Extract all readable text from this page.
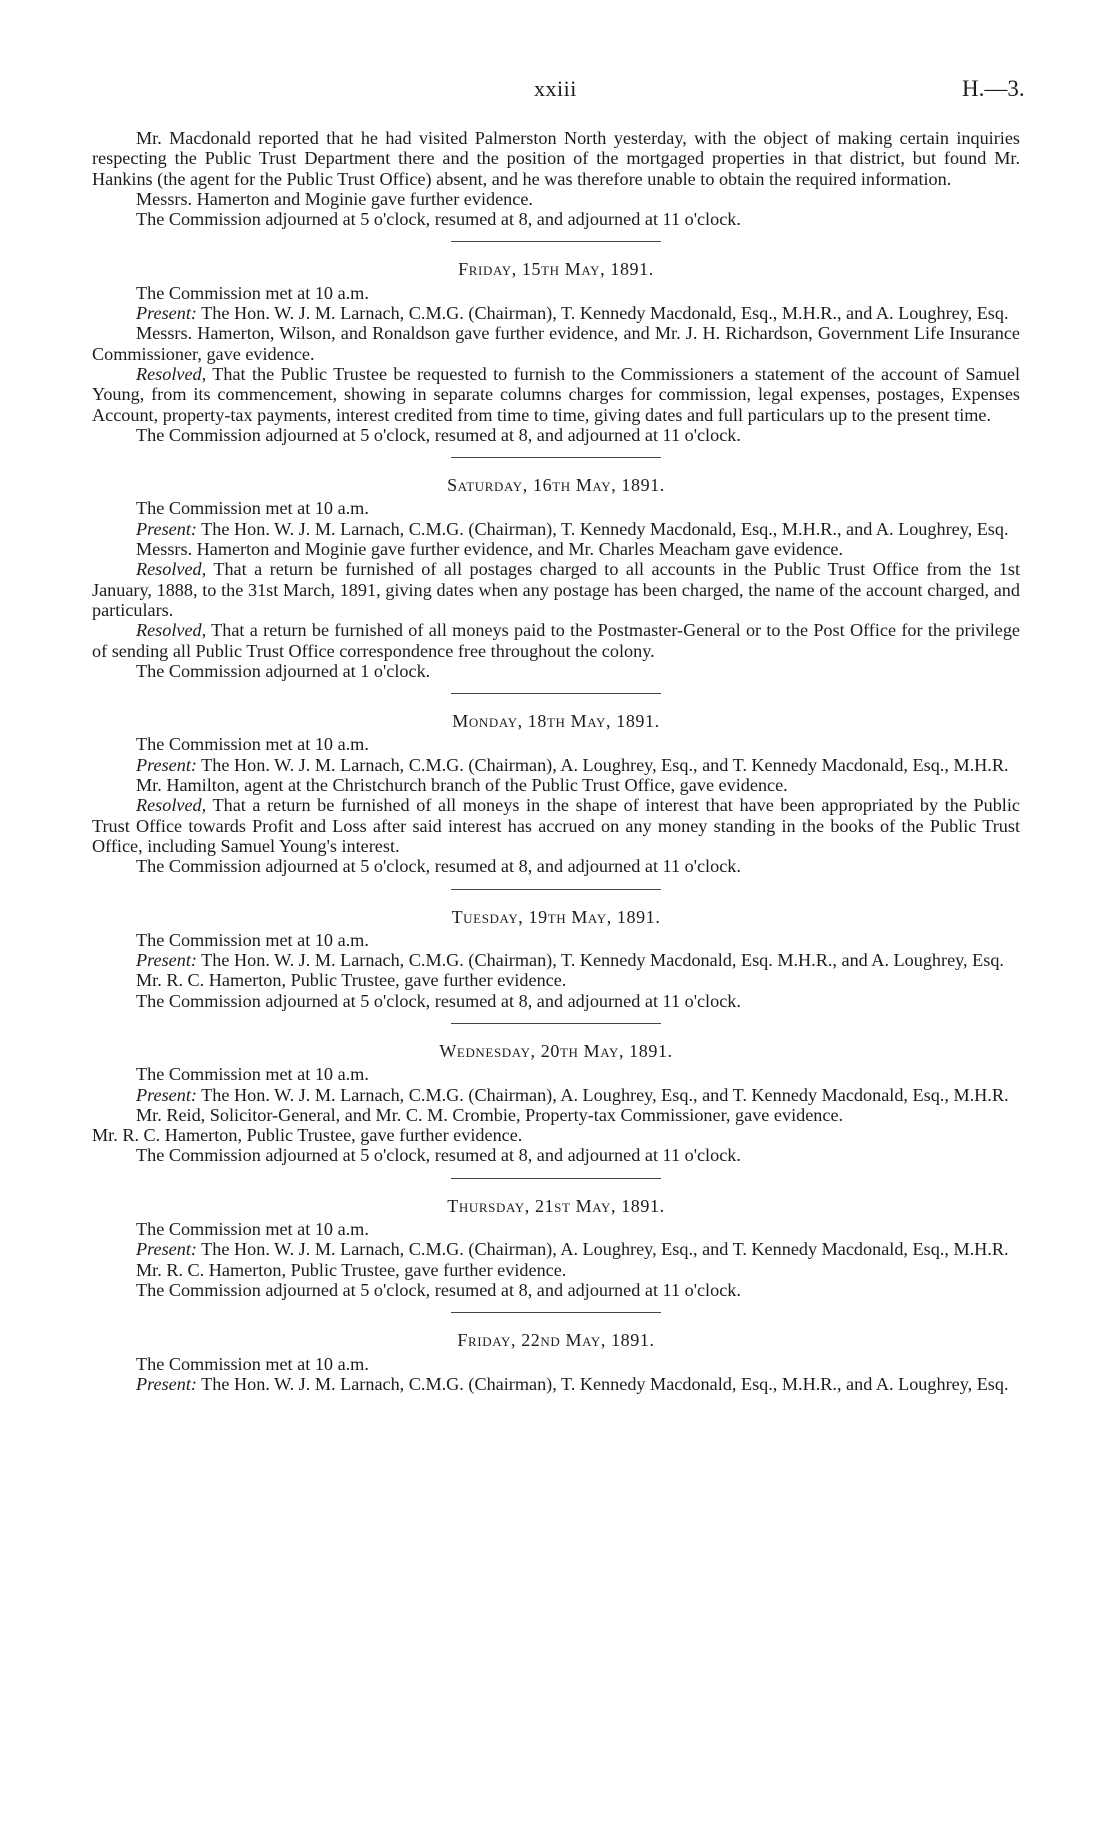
xxiii	H.—3.

Mr. Macdonald reported that he had visited Palmerston North yesterday, with the object of making certain inquiries respecting the Public Trust Department there and the position of the mortgaged properties in that district, but found Mr. Hankins (the agent for the Public Trust Office) absent, and he was therefore unable to obtain the required information.

Messrs. Hamerton and Moginie gave further evidence.

The Commission adjourned at 5 o'clock, resumed at 8, and adjourned at 11 o'clock.

Friday, 15th May, 1891.

The Commission met at 10 a.m.

Present: The Hon. W. J. M. Larnach, C.M.G. (Chairman), T. Kennedy Macdonald, Esq., M.H.R., and A. Loughrey, Esq.

Messrs. Hamerton, Wilson, and Ronaldson gave further evidence, and Mr. J. H. Richardson, Government Life Insurance Commissioner, gave evidence.

Resolved, That the Public Trustee be requested to furnish to the Commissioners a statement of the account of Samuel Young, from its commencement, showing in separate columns charges for commission, legal expenses, postages, Expenses Account, property-tax payments, interest credited from time to time, giving dates and full particulars up to the present time.

The Commission adjourned at 5 o'clock, resumed at 8, and adjourned at 11 o'clock.

Saturday, 16th May, 1891.

The Commission met at 10 a.m.

Present: The Hon. W. J. M. Larnach, C.M.G. (Chairman), T. Kennedy Macdonald, Esq., M.H.R., and A. Loughrey, Esq.

Messrs. Hamerton and Moginie gave further evidence, and Mr. Charles Meacham gave evidence.

Resolved, That a return be furnished of all postages charged to all accounts in the Public Trust Office from the 1st January, 1888, to the 31st March, 1891, giving dates when any postage has been charged, the name of the account charged, and particulars.

Resolved, That a return be furnished of all moneys paid to the Postmaster-General or to the Post Office for the privilege of sending all Public Trust Office correspondence free throughout the colony.

The Commission adjourned at 1 o'clock.

Monday, 18th May, 1891.

The Commission met at 10 a.m.

Present: The Hon. W. J. M. Larnach, C.M.G. (Chairman), A. Loughrey, Esq., and T. Kennedy Macdonald, Esq., M.H.R.

Mr. Hamilton, agent at the Christchurch branch of the Public Trust Office, gave evidence.

Resolved, That a return be furnished of all moneys in the shape of interest that have been appropriated by the Public Trust Office towards Profit and Loss after said interest has accrued on any money standing in the books of the Public Trust Office, including Samuel Young's interest.

The Commission adjourned at 5 o'clock, resumed at 8, and adjourned at 11 o'clock.

Tuesday, 19th May, 1891.

The Commission met at 10 a.m.

Present: The Hon. W. J. M. Larnach, C.M.G. (Chairman), T. Kennedy Macdonald, Esq. M.H.R., and A. Loughrey, Esq.

Mr. R. C. Hamerton, Public Trustee, gave further evidence.

The Commission adjourned at 5 o'clock, resumed at 8, and adjourned at 11 o'clock.

Wednesday, 20th May, 1891.

The Commission met at 10 a.m.

Present: The Hon. W. J. M. Larnach, C.M.G. (Chairman), A. Loughrey, Esq., and T. Kennedy Macdonald, Esq., M.H.R.

Mr. Reid, Solicitor-General, and Mr. C. M. Crombie, Property-tax Commissioner, gave evidence.

Mr. R. C. Hamerton, Public Trustee, gave further evidence.

The Commission adjourned at 5 o'clock, resumed at 8, and adjourned at 11 o'clock.

Thursday, 21st May, 1891.

The Commission met at 10 a.m.

Present: The Hon. W. J. M. Larnach, C.M.G. (Chairman), A. Loughrey, Esq., and T. Kennedy Macdonald, Esq., M.H.R.

Mr. R. C. Hamerton, Public Trustee, gave further evidence.

The Commission adjourned at 5 o'clock, resumed at 8, and adjourned at 11 o'clock.

Friday, 22nd May, 1891.

The Commission met at 10 a.m.

Present: The Hon. W. J. M. Larnach, C.M.G. (Chairman), T. Kennedy Macdonald, Esq., M.H.R., and A. Loughrey, Esq.
